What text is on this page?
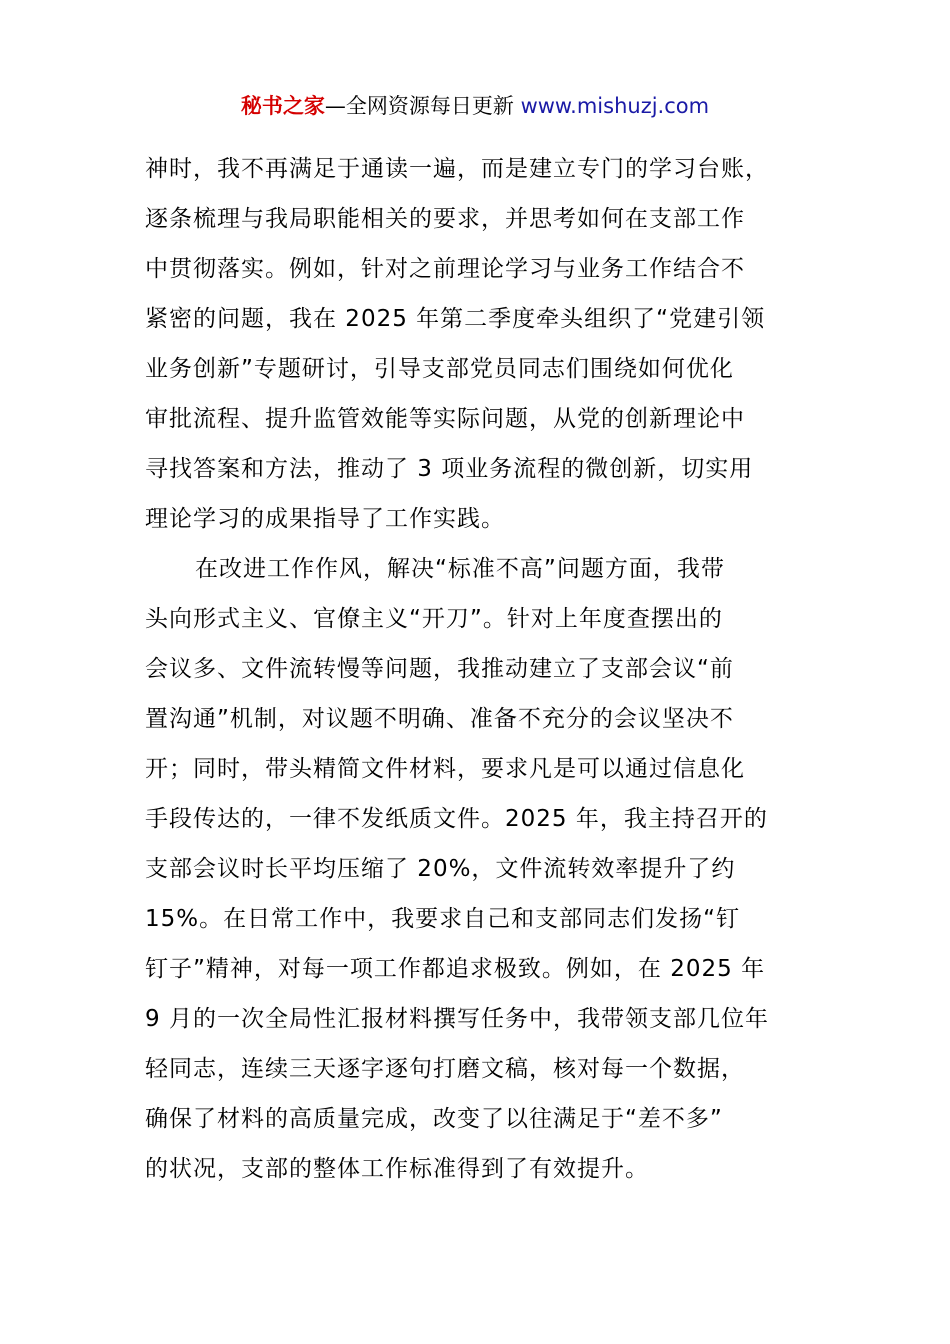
秘书之家—全网资源每日更新 www.mishuzj.com
神时，我不再满足于通读一遍，而是建立专门的学习台账，
逐条梳理与我局职能相关的要求，并思考如何在支部工作
中贯彻落实。例如，针对之前理论学习与业务工作结合不
紧密的问题，我在 2025 年第二季度牵头组织了“党建引领
业务创新”专题研讨，引导支部党员同志们围绕如何优化
审批流程、提升监管效能等实际问题，从党的创新理论中
寻找答案和方法，推动了 3 项业务流程的微创新，切实用
理论学习的成果指导了工作实践。
在改进工作作风，解决“标准不高”问题方面，我带
头向形式主义、官僚主义“开刀”。针对上年度查摆出的
会议多、文件流转慢等问题，我推动建立了支部会议“前
置沟通”机制，对议题不明确、准备不充分的会议坚决不
开；同时，带头精简文件材料，要求凡是可以通过信息化
手段传达的，一律不发纸质文件。2025 年，我主持召开的
支部会议时长平均压缩了 20%，文件流转效率提升了约
15%。在日常工作中，我要求自己和支部同志们发扬“钉
钉子”精神，对每一项工作都追求极致。例如，在 2025 年
9 月的一次全局性汇报材料撰写任务中，我带领支部几位年
轻同志，连续三天逐字逐句打磨文稿，核对每一个数据，
确保了材料的高质量完成，改变了以往满足于“差不多”
的状况，支部的整体工作标准得到了有效提升。
